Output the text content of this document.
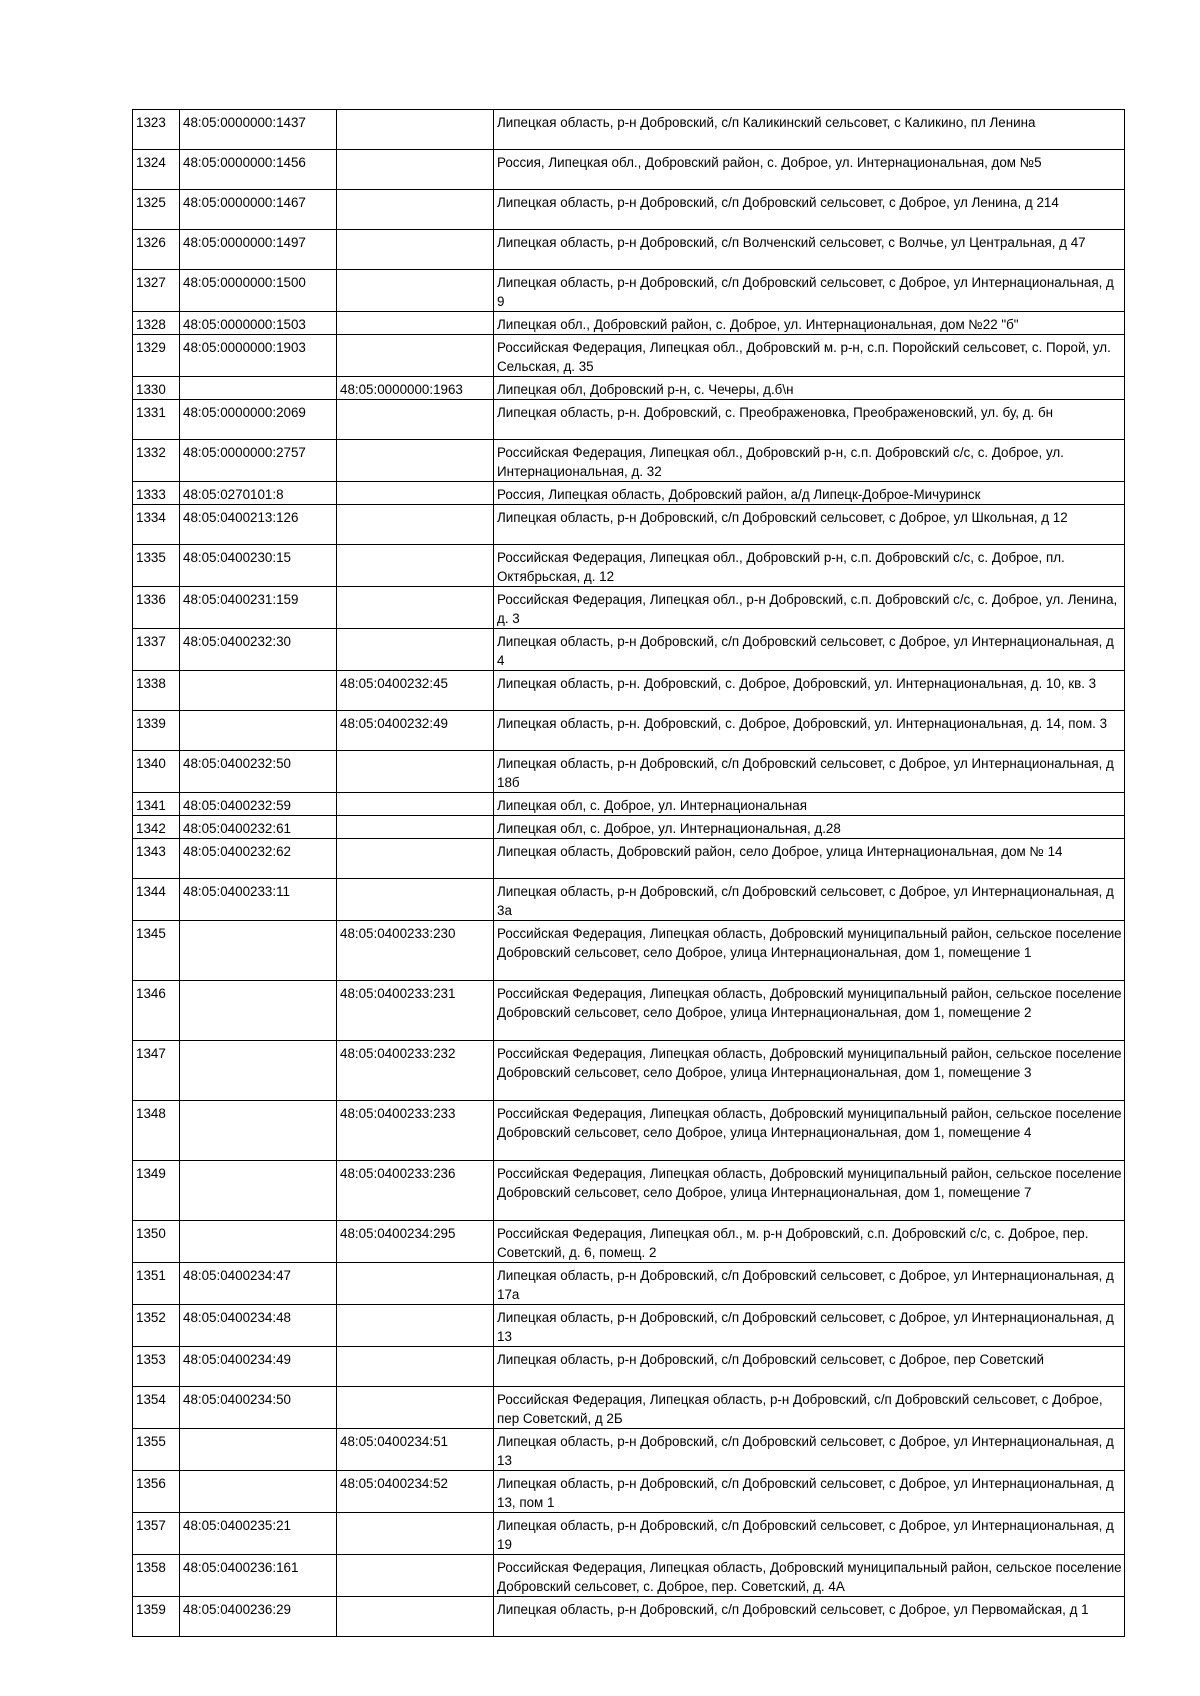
1323	48:05:0000000:1437		Липецкая область, р-н Добровский, с/п Каликинский сельсовет, с Каликино, пл Ленина
1324	48:05:0000000:1456		Россия, Липецкая обл., Добровский район, с. Доброе, ул. Интернациональная, дом №5
1325	48:05:0000000:1467		Липецкая область, р-н Добровский, с/п Добровский сельсовет, с Доброе, ул Ленина, д 214
1326	48:05:0000000:1497		Липецкая область, р-н Добровский, с/п Волченский сельсовет, с Волчье, ул Центральная, д 47
1327	48:05:0000000:1500		Липецкая область, р-н Добровский, с/п Добровский сельсовет, с Доброе, ул Интернациональная, д 9
1328	48:05:0000000:1503		Липецкая обл., Добровский район, с. Доброе, ул. Интернациональная, дом №22 "б"
1329	48:05:0000000:1903		Российская Федерация, Липецкая обл., Добровский м. р-н, с.п. Поройский сельсовет, с. Порой, ул. Сельская, д. 35
1330		48:05:0000000:1963	Липецкая обл, Добровский р-н, с. Чечеры, д.б\н
1331	48:05:0000000:2069		Липецкая область, р-н. Добровский, с. Преображеновка, Преображеновский, ул. бу, д. бн
1332	48:05:0000000:2757		Российская Федерация, Липецкая обл., Добровский р-н, с.п. Добровский с/с, с. Доброе, ул. Интернациональная, д. 32
1333	48:05:0270101:8		Россия, Липецкая область, Добровский район, а/д Липецк-Доброе-Мичуринск
1334	48:05:0400213:126		Липецкая область, р-н Добровский, с/п Добровский сельсовет, с Доброе, ул Школьная, д 12
1335	48:05:0400230:15		Российская Федерация, Липецкая обл., Добровский р-н, с.п. Добровский с/с, с. Доброе, пл. Октябрьская, д. 12
1336	48:05:0400231:159		Российская Федерация, Липецкая обл., р-н Добровский, с.п. Добровский с/с, с. Доброе, ул. Ленина, д. 3
1337	48:05:0400232:30		Липецкая область, р-н Добровский, с/п Добровский сельсовет, с Доброе, ул Интернациональная, д 4
1338		48:05:0400232:45	Липецкая область, р-н. Добровский, с. Доброе, Добровский, ул. Интернациональная, д. 10, кв. 3
1339		48:05:0400232:49	Липецкая область, р-н. Добровский, с. Доброе, Добровский, ул. Интернациональная, д. 14, пом. 3
1340	48:05:0400232:50		Липецкая область, р-н Добровский, с/п Добровский сельсовет, с Доброе, ул Интернациональная, д 18б
1341	48:05:0400232:59		Липецкая обл, с. Доброе, ул. Интернациональная
1342	48:05:0400232:61		Липецкая обл, с. Доброе, ул. Интернациональная, д.28
1343	48:05:0400232:62		Липецкая область, Добровский район, село Доброе, улица Интернациональная, дом № 14
1344	48:05:0400233:11		Липецкая область, р-н Добровский, с/п Добровский сельсовет, с Доброе, ул Интернациональная, д 3а
1345		48:05:0400233:230	Российская Федерация, Липецкая область, Добровский муниципальный район, сельское поселение Добровский сельсовет, село Доброе, улица Интернациональная, дом 1, помещение 1
1346		48:05:0400233:231	Российская Федерация, Липецкая область, Добровский муниципальный район, сельское поселение Добровский сельсовет, село Доброе, улица Интернациональная, дом 1, помещение 2
1347		48:05:0400233:232	Российская Федерация, Липецкая область, Добровский муниципальный район, сельское поселение Добровский сельсовет, село Доброе, улица Интернациональная, дом 1, помещение 3
1348		48:05:0400233:233	Российская Федерация, Липецкая область, Добровский муниципальный район, сельское поселение Добровский сельсовет, село Доброе, улица Интернациональная, дом 1, помещение 4
1349		48:05:0400233:236	Российская Федерация, Липецкая область, Добровский муниципальный район, сельское поселение Добровский сельсовет, село Доброе, улица Интернациональная, дом 1, помещение 7
1350		48:05:0400234:295	Российская Федерация, Липецкая обл., м. р-н Добровский, с.п. Добровский с/с, с. Доброе, пер. Советский, д. 6, помещ. 2
1351	48:05:0400234:47		Липецкая область, р-н Добровский, с/п Добровский сельсовет, с Доброе, ул Интернациональная, д 17а
1352	48:05:0400234:48		Липецкая область, р-н Добровский, с/п Добровский сельсовет, с Доброе, ул Интернациональная, д 13
1353	48:05:0400234:49		Липецкая область, р-н Добровский, с/п Добровский сельсовет, с Доброе, пер Советский
1354	48:05:0400234:50		Российская Федерация, Липецкая область, р-н Добровский, с/п Добровский сельсовет, с Доброе, пер Советский, д 2Б
1355		48:05:0400234:51	Липецкая область, р-н Добровский, с/п Добровский сельсовет, с Доброе, ул Интернациональная, д 13
1356		48:05:0400234:52	Липецкая область, р-н Добровский, с/п Добровский сельсовет, с Доброе, ул Интернациональная, д 13, пом 1
1357	48:05:0400235:21		Липецкая область, р-н Добровский, с/п Добровский сельсовет, с Доброе, ул Интернациональная, д 19
1358	48:05:0400236:161		Российская Федерация, Липецкая область, Добровский муниципальный район, сельское поселение Добровский сельсовет, с. Доброе, пер. Советский, д. 4А
1359	48:05:0400236:29		Липецкая область, р-н Добровский, с/п Добровский сельсовет, с Доброе, ул Первомайская, д 1
